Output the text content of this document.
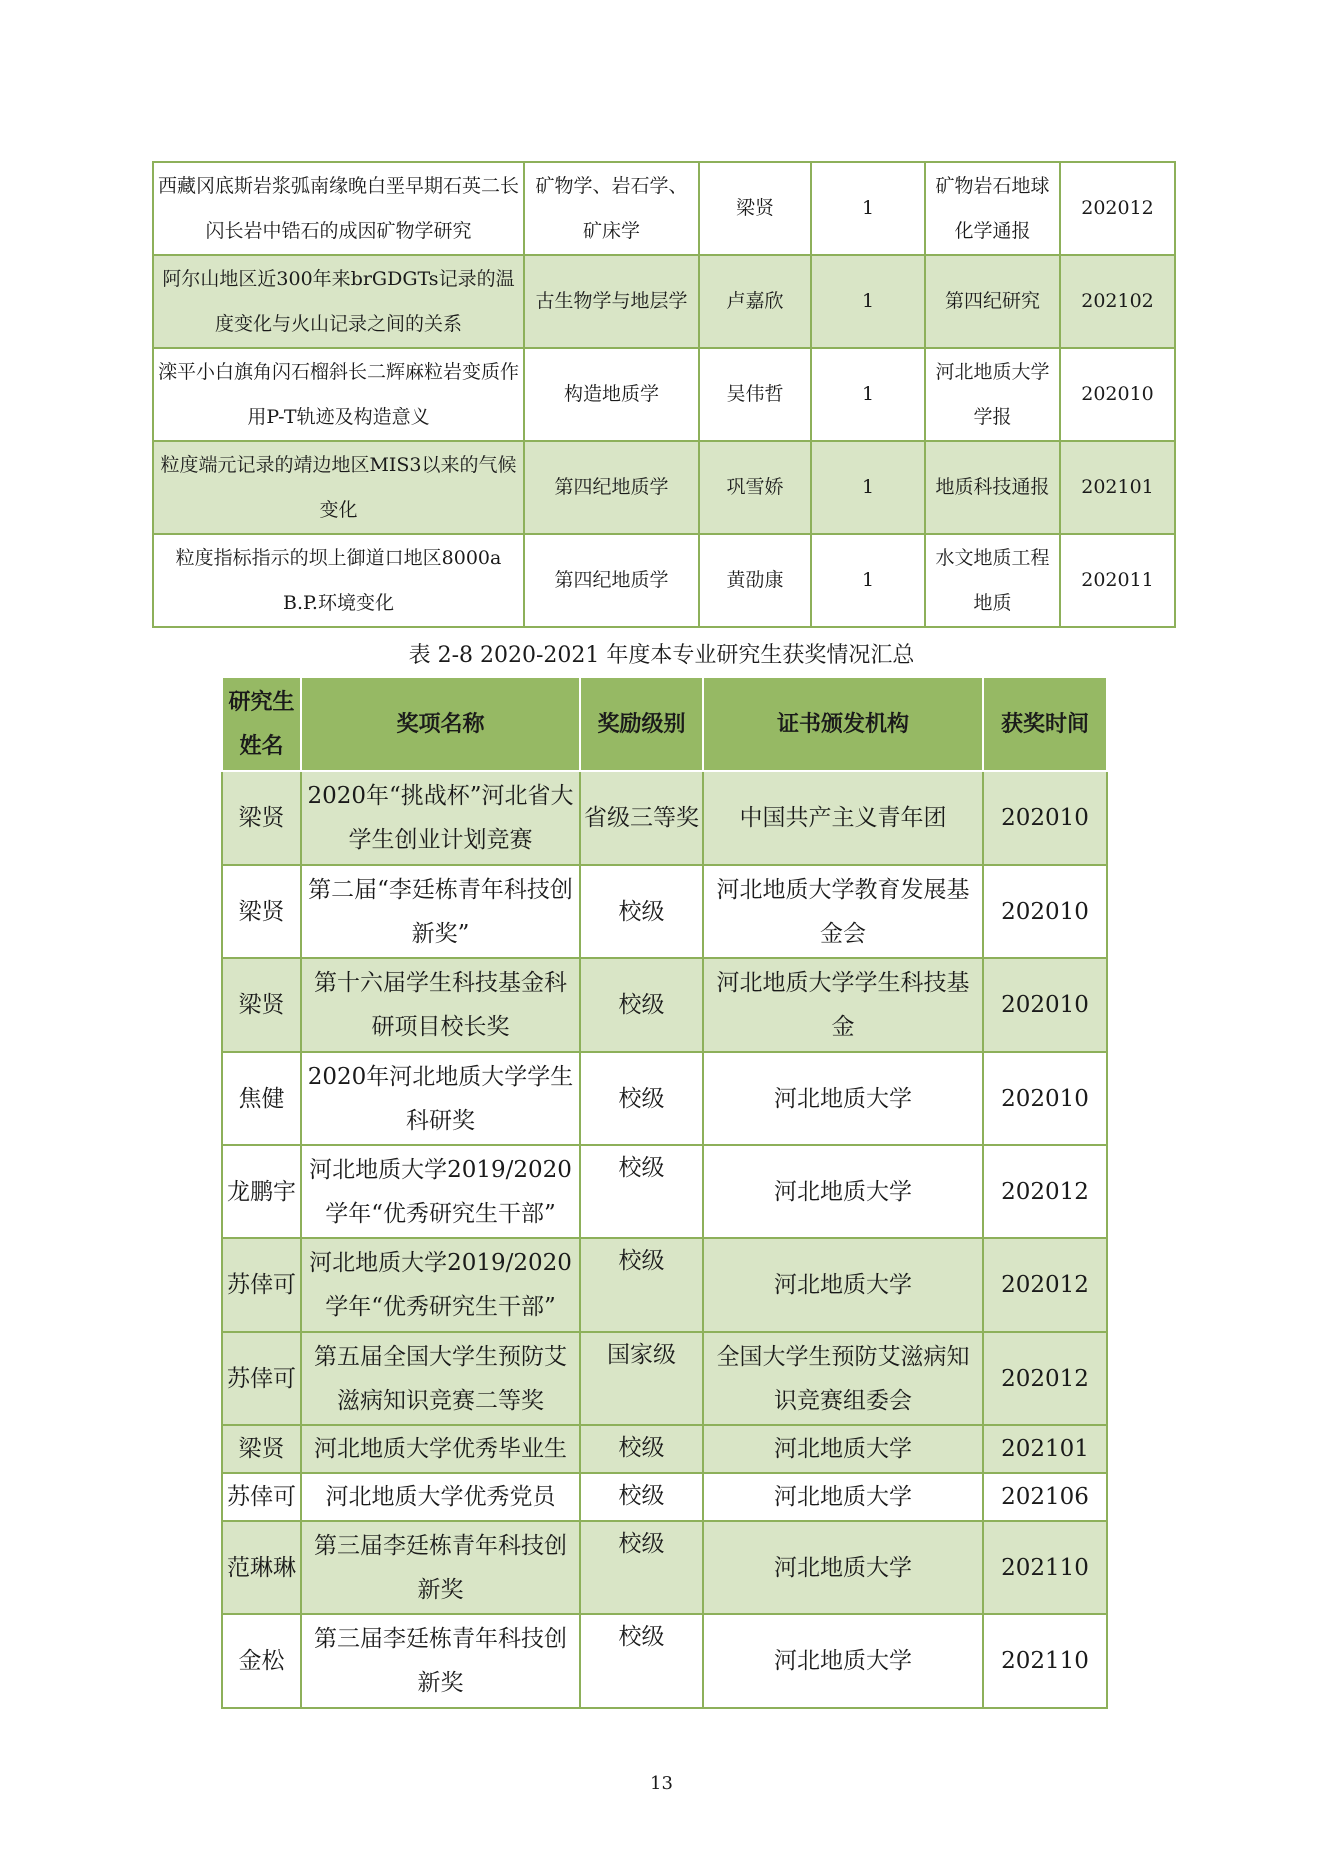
西藏冈底斯岩浆弧南缘晚白垩早期石英二长闪长岩中锆石的成因矿物学研究	矿物学、岩石学、矿床学	梁贤	1	矿物岩石地球化学通报	202012
阿尔山地区近300年来brGDGTs记录的温度变化与火山记录之间的关系	古生物学与地层学	卢嘉欣	1	第四纪研究	202102
滦平小白旗角闪石榴斜长二辉麻粒岩变质作用P-T轨迹及构造意义	构造地质学	吴伟哲	1	河北地质大学学报	202010
粒度端元记录的靖边地区MIS3以来的气候变化	第四纪地质学	巩雪娇	1	地质科技通报	202101
粒度指标指示的坝上御道口地区8000a B.P.环境变化	第四纪地质学	黄劭康	1	水文地质工程地质	202011
表 2-8 2020-2021 年度本专业研究生获奖情况汇总
研究生姓名	奖项名称	奖励级别	证书颁发机构	获奖时间
梁贤	2020年“挑战杯”河北省大学生创业计划竞赛	省级三等奖	中国共产主义青年团	202010
梁贤	第二届“李廷栋青年科技创新奖”	校级	河北地质大学教育发展基金会	202010
梁贤	第十六届学生科技基金科研项目校长奖	校级	河北地质大学学生科技基金	202010
焦健	2020年河北地质大学学生科研奖	校级	河北地质大学	202010
龙鹏宇	河北地质大学2019/2020学年“优秀研究生干部”	校级	河北地质大学	202012
苏倖可	河北地质大学2019/2020学年“优秀研究生干部”	校级	河北地质大学	202012
苏倖可	第五届全国大学生预防艾滋病知识竞赛二等奖	国家级	全国大学生预防艾滋病知识竞赛组委会	202012
梁贤	河北地质大学优秀毕业生	校级	河北地质大学	202101
苏倖可	河北地质大学优秀党员	校级	河北地质大学	202106
范琳琳	第三届李廷栋青年科技创新奖	校级	河北地质大学	202110
金松	第三届李廷栋青年科技创新奖	校级	河北地质大学	202110
13
